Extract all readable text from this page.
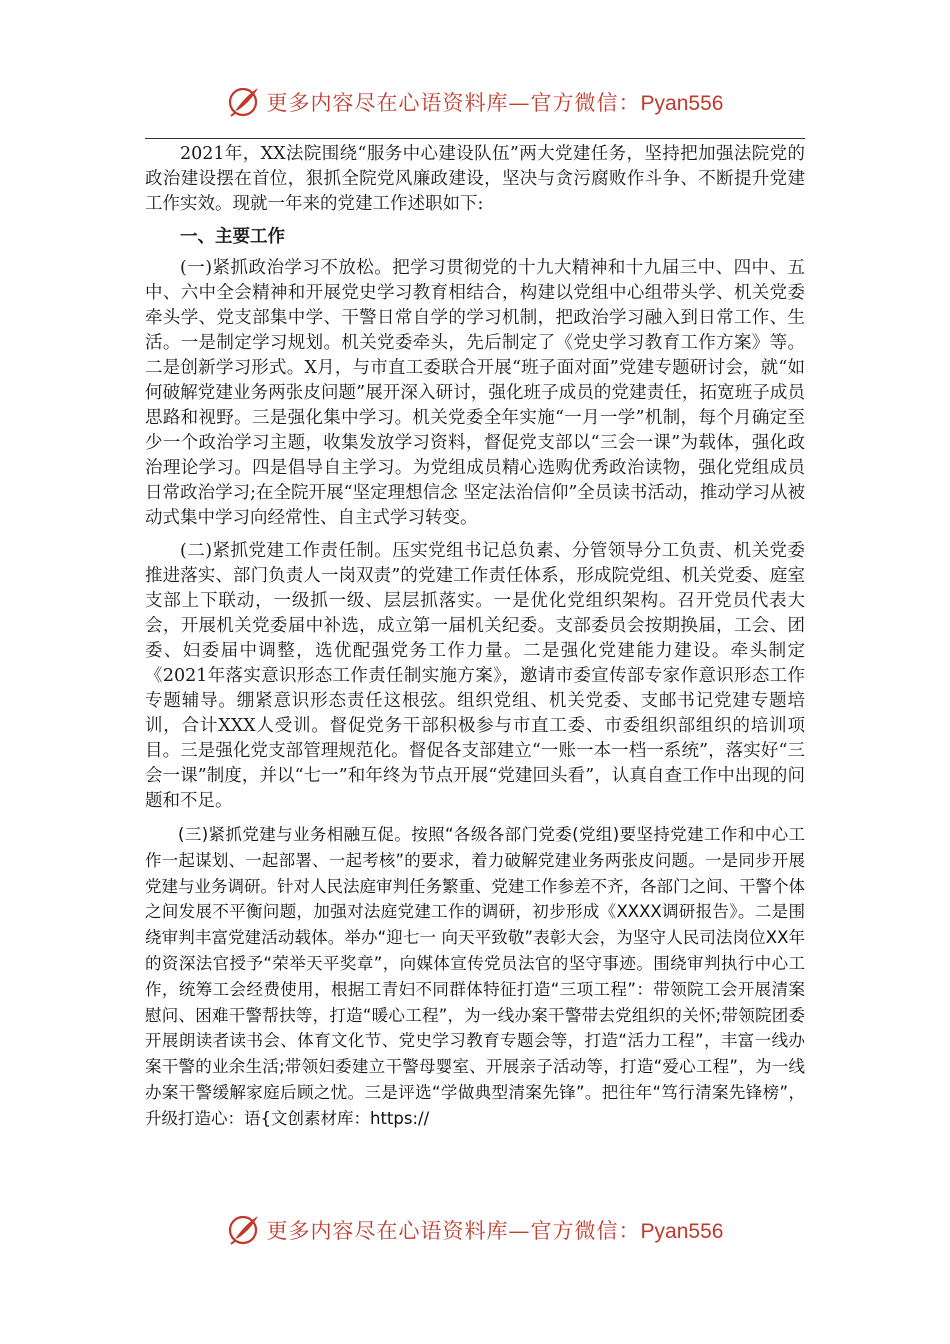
更多内容尽在心语资料库—官方微信：Pyan556

2021年，XX法院围绕“服务中心建设队伍”两大党建任务，坚持把加强法院党的政治建设摆在首位，狠抓全院党风廉政建设，坚决与贪污腐败作斗争、不断提升党建工作实效。现就一年来的党建工作述职如下:

一、主要工作

(一)紧抓政治学习不放松。把学习贯彻党的十九大精神和十九届三中、四中、五中、六中全会精神和开展党史学习教育相结合，构建以党组中心组带头学、机关党委牵头学、党支部集中学、干警日常自学的学习机制，把政治学习融入到日常工作、生活。一是制定学习规划。机关党委牵头，先后制定了《党史学习教育工作方案》等。二是创新学习形式。X月，与市直工委联合开展“班子面对面”党建专题研讨会，就“如何破解党建业务两张皮问题”展开深入研讨，强化班子成员的党建责任，拓宽班子成员思路和视野。三是强化集中学习。机关党委全年实施“一月一学”机制，每个月确定至少一个政治学习主题，收集发放学习资料，督促党支部以“三会一课”为载体，强化政治理论学习。四是倡导自主学习。为党组成员精心选购优秀政治读物，强化党组成员日常政治学习;在全院开展“坚定理想信念 坚定法治信仰”全员读书活动，推动学习从被动式集中学习向经常性、自主式学习转变。

(二)紧抓党建工作责任制。压实党组书记总负素、分管领导分工负责、机关党委推进落实、部门负责人一岗双责”的党建工作责任体系，形成院党组、机关党委、庭室支部上下联动，一级抓一级、层层抓落实。一是优化党组织架构。召开党员代表大会，开展机关党委届中补选，成立第一届机关纪委。支部委员会按期换届，工会、团委、妇委届中调整，选优配强党务工作力量。二是强化党建能力建设。牵头制定《2021年落实意识形态工作责任制实施方案》，邀请市委宣传部专家作意识形态工作专题辅导。绷紧意识形态责任这根弦。组织党组、机关党委、支邮书记党建专题培训，合计XXX人受训。督促党务干部积极参与市直工委、市委组织部组织的培训项目。三是强化党支部管理规范化。督促各支部建立“一账一本一档一系统”，落实好“三会一课”制度，并以“七一”和年终为节点开展“党建回头看”，认真自查工作中出现的问题和不足。

(三)紧抓党建与业务相融互促。按照“各级各部门党委(党组)要坚持党建工作和中心工作一起谋划、一起部署、一起考核”的要求，着力破解党建业务两张皮问题。一是同步开展党建与业务调研。针对人民法庭审判任务繁重、党建工作参差不齐，各部门之间、干警个体之间发展不平衡问题，加强对法庭党建工作的调研，初步形成《XXXX调研报告》。二是围绕审判丰富党建活动载体。举办“迎七一 向天平致敬”表彰大会，为坚守人民司法岗位XX年的资深法官授予“荣举天平奖章”，向媒体宣传党员法官的坚守事迹。围绕审判执行中心工作，统筹工会经费使用，根据工青妇不同群体特征打造“三项工程”：带领院工会开展清案慰问、困难干警帮扶等，打造“暖心工程”，为一线办案干警带去党组织的关怀;带领院团委开展朗读者读书会、体育文化节、党史学习教育专题会等，打造“活力工程”，丰富一线办案干警的业余生活;带领妇委建立干警母婴室、开展亲子活动等，打造“爱心工程”，为一线办案干警缓解家庭后顾之忧。三是评选“学做典型清案先锋”。把往年“笃行清案先锋榜”，升级打造心：语{文创素材库：https://

更多内容尽在心语资料库—官方微信：Pyan556
